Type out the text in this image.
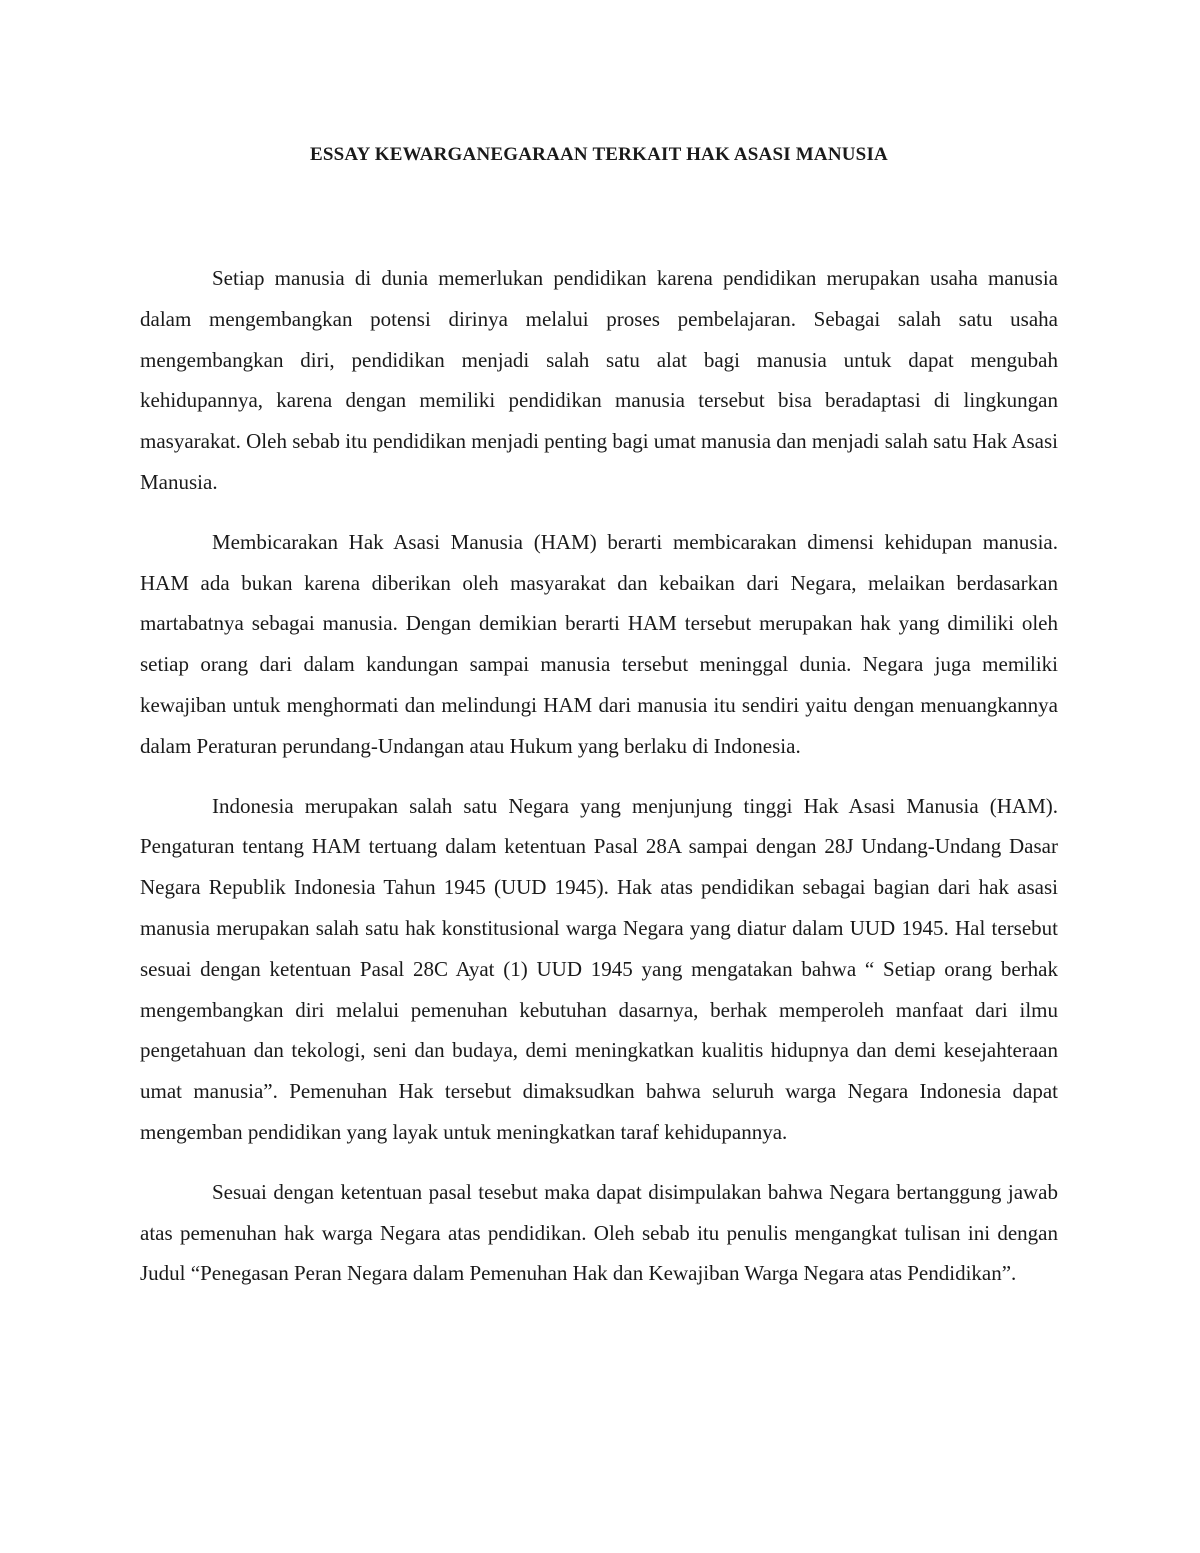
ESSAY KEWARGANEGARAAN TERKAIT HAK ASASI MANUSIA

Setiap manusia di dunia memerlukan pendidikan karena pendidikan merupakan usaha manusia dalam mengembangkan potensi dirinya melalui proses pembelajaran. Sebagai salah satu usaha mengembangkan diri, pendidikan menjadi salah satu alat bagi manusia untuk dapat mengubah kehidupannya, karena dengan memiliki pendidikan manusia tersebut bisa beradaptasi di lingkungan masyarakat. Oleh sebab itu pendidikan menjadi penting bagi umat manusia dan menjadi salah satu Hak Asasi Manusia.

Membicarakan Hak Asasi Manusia (HAM) berarti membicarakan dimensi kehidupan manusia. HAM ada bukan karena diberikan oleh masyarakat dan kebaikan dari Negara, melaikan berdasarkan martabatnya sebagai manusia. Dengan demikian berarti HAM tersebut merupakan hak yang dimiliki oleh setiap orang dari dalam kandungan sampai manusia tersebut meninggal dunia. Negara juga memiliki kewajiban untuk menghormati dan melindungi HAM dari manusia itu sendiri yaitu dengan menuangkannya dalam Peraturan perundang-Undangan atau Hukum yang berlaku di Indonesia.

Indonesia merupakan salah satu Negara yang menjunjung tinggi Hak Asasi Manusia (HAM). Pengaturan tentang HAM tertuang dalam ketentuan Pasal 28A sampai dengan 28J Undang-Undang Dasar Negara Republik Indonesia Tahun 1945 (UUD 1945). Hak atas pendidikan sebagai bagian dari hak asasi manusia merupakan salah satu hak konstitusional warga Negara yang diatur dalam UUD 1945. Hal tersebut sesuai dengan ketentuan Pasal 28C Ayat (1) UUD 1945 yang mengatakan bahwa “ Setiap orang berhak mengembangkan diri melalui pemenuhan kebutuhan dasarnya, berhak memperoleh manfaat dari ilmu pengetahuan dan tekologi, seni dan budaya, demi meningkatkan kualitis hidupnya dan demi kesejahteraan umat manusia”. Pemenuhan Hak tersebut dimaksudkan bahwa seluruh warga Negara Indonesia dapat mengemban pendidikan yang layak untuk meningkatkan taraf kehidupannya.

Sesuai dengan ketentuan pasal tesebut maka dapat disimpulakan bahwa Negara bertanggung jawab atas pemenuhan hak warga Negara atas pendidikan. Oleh sebab itu penulis mengangkat tulisan ini dengan Judul “Penegasan Peran Negara dalam Pemenuhan Hak dan Kewajiban Warga Negara atas Pendidikan”.
